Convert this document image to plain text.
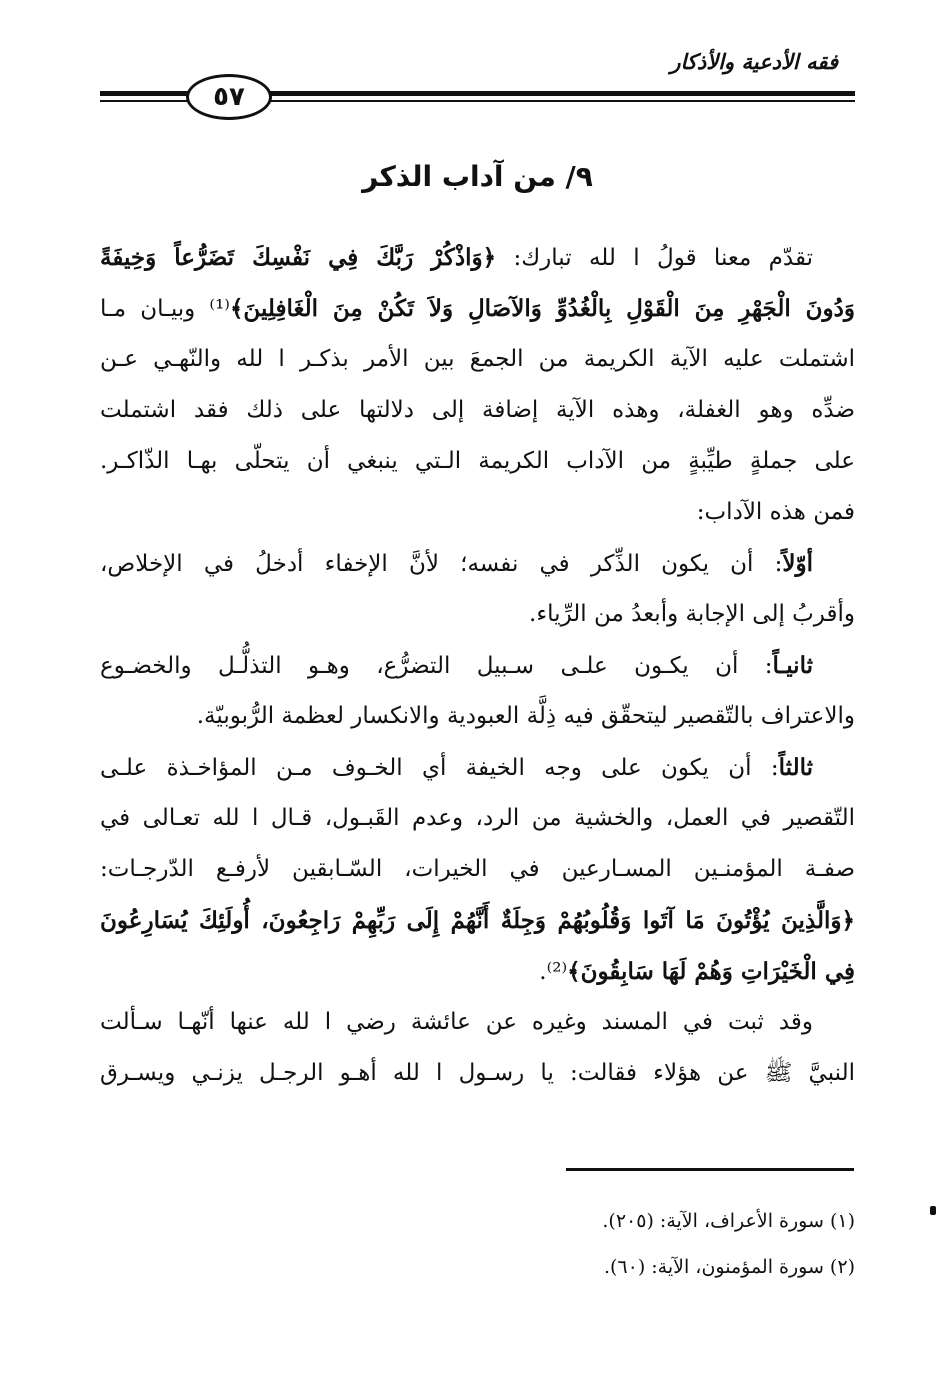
فقه الأدعية والأذكار
٥٧
٩/ من آداب الذكر
تقدّم معنا قولُ ا لله تبارك: ﴿وَاذْكُرْ رَبَّكَ فِي نَفْسِكَ تَضَرُّعاً وَخِيفَةً
وَدُونَ الْجَهْرِ مِنَ الْقَوْلِ بِالْغُدُوِّ وَالآصَالِ وَلاَ تَكُنْ مِنَ الْغَافِلِينَ﴾⁽¹⁾ وبيـان مـا
اشتملت عليه الآية الكريمة من الجمعَ بين الأمر بذكـر ا لله والنّهـي عـن
ضدِّه وهو الغفلة، وهذه الآية إضافة إلى دلالتها على ذلك فقد اشتملت
على جملةٍ طيِّبةٍ من الآداب الكريمة الـتي ينبغي أن يتحلّى بهـا الذّاكـر.
فمن هذه الآداب:
أوّلاً: أن يكون الذِّكر في نفسه؛ لأنَّ الإخفاء أدخلُ في الإخلاص،
وأقربُ إلى الإجابة وأبعدُ من الرِّياء.
ثانيـاً: أن يكـون علـى سـبيل التضرُّع، وهـو التذلُّـل والخضـوع
والاعتراف بالتّقصير ليتحقّق فيه ذِلَّة العبودية والانكسار لعظمة الرُّبوبيّة.
ثالثاً: أن يكون على وجه الخيفة أي الخـوف مـن المؤاخـذة علـى
التّقصير في العمل، والخشية من الرد، وعدم القَبـول، قـال ا لله تعـالى في
صفـة المؤمنـين المسـارعين في الخيرات، السّـابقين لأرفـع الدّرجـات:
﴿وَالَّذِينَ يُؤْتُونَ مَا آتَوا وَقُلُوبُهُمْ وَجِلَةٌ أَنَّهُمْ إِلَى رَبِّهِمْ رَاجِعُونَ، أُولَئِكَ يُسَارِعُونَ
فِي الْخَيْرَاتِ وَهُمْ لَهَا سَابِقُونَ﴾⁽²⁾.
وقد ثبت في المسند وغيره عن عائشة رضي ا لله عنها أنّهـا سـألت
النبيَّ ﷺ عن هؤلاء فقالت: يا رسـول ا لله أهـو الرجـل يزنـي ويسـرق
(١) سورة الأعراف، الآية: (٢٠٥).
(٢) سورة المؤمنون، الآية: (٦٠).
